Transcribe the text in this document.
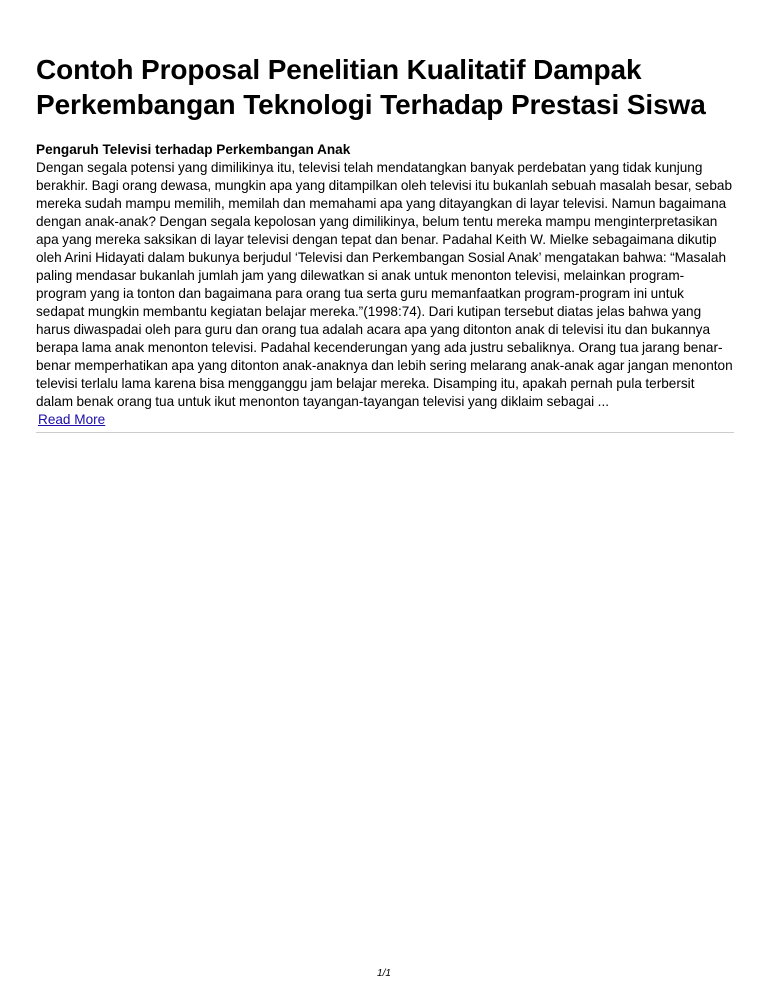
Contoh Proposal Penelitian Kualitatif Dampak Perkembangan Teknologi Terhadap Prestasi Siswa

Pengaruh Televisi terhadap Perkembangan Anak

Dengan segala potensi yang dimilikinya itu, televisi telah mendatangkan banyak perdebatan yang tidak kunjung berakhir. Bagi orang dewasa, mungkin apa yang ditampilkan oleh televisi itu bukanlah sebuah masalah besar, sebab mereka sudah mampu memilih, memilah dan memahami apa yang ditayangkan di layar televisi. Namun bagaimana dengan anak-anak? Dengan segala kepolosan yang dimilikinya, belum tentu mereka mampu menginterpretasikan apa yang mereka saksikan di layar televisi dengan tepat dan benar. Padahal Keith W. Mielke sebagaimana dikutip oleh Arini Hidayati dalam bukunya berjudul ‘Televisi dan Perkembangan Sosial Anak’ mengatakan bahwa: “Masalah paling mendasar bukanlah jumlah jam yang dilewatkan si anak untuk menonton televisi, melainkan program-program yang ia tonton dan bagaimana para orang tua serta guru memanfaatkan program-program ini untuk sedapat mungkin membantu kegiatan belajar mereka.”(1998:74). Dari kutipan tersebut diatas jelas bahwa yang harus diwaspadai oleh para guru dan orang tua adalah acara apa yang ditonton anak di televisi itu dan bukannya berapa lama anak menonton televisi. Padahal kecenderungan yang ada justru sebaliknya. Orang tua jarang benar-benar memperhatikan apa yang ditonton anak-anaknya dan lebih sering melarang anak-anak agar jangan menonton televisi terlalu lama karena bisa mengganggu jam belajar mereka. Disamping itu, apakah pernah pula terbersit dalam benak orang tua untuk ikut menonton tayangan-tayangan televisi yang diklaim sebagai ...

Read More
1/1
